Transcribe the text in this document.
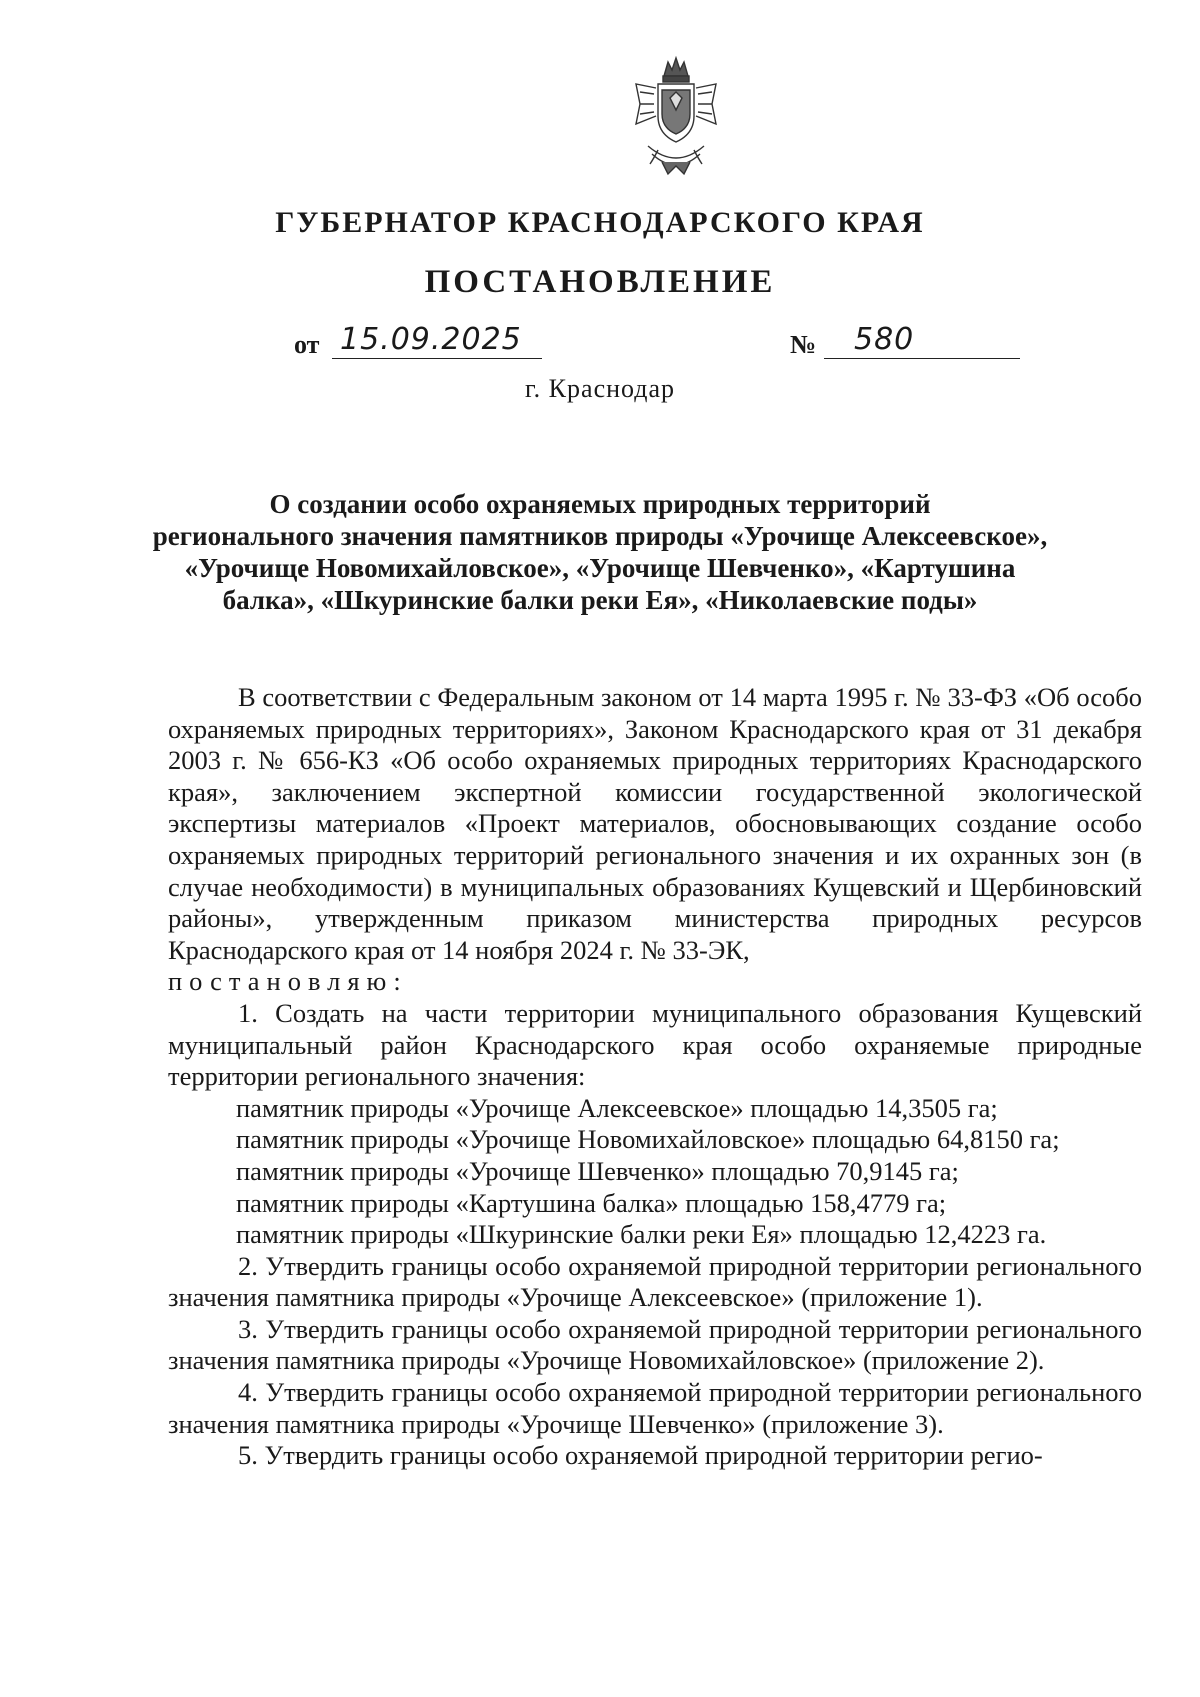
ГУБЕРНАТОР КРАСНОДАРСКОГО КРАЯ
ПОСТАНОВЛЕНИЕ
от 15.09.2025	№ 580
г. Краснодар
О создании особо охраняемых природных территорий
регионального значения памятников природы «Урочище Алексеевское»,
«Урочище Новомихайловское», «Урочище Шевченко», «Картушина
балка», «Шкуринские балки реки Ея», «Николаевские поды»

В соответствии с Федеральным законом от 14 марта 1995 г. № 33-ФЗ «Об особо охраняемых природных территориях», Законом Краснодарского края от 31 декабря 2003 г. № 656-КЗ «Об особо охраняемых природных территориях Краснодарского края», заключением экспертной комиссии государственной экологической экспертизы материалов «Проект материалов, обосновывающих создание особо охраняемых природных территорий регионального значения и их охранных зон (в случае необходимости) в муниципальных образованиях Кущевский и Щербиновский районы», утвержденным приказом министерства природных ресурсов Краснодарского края от 14 ноября 2024 г. № 33-ЭК,
постановляю:

1. Создать на части территории муниципального образования Кущевский муниципальный район Краснодарского края особо охраняемые природные территории регионального значения:

памятник природы «Урочище Алексеевское» площадью 14,3505 га;

памятник природы «Урочище Новомихайловское» площадью 64,8150 га;

памятник природы «Урочище Шевченко» площадью 70,9145 га;

памятник природы «Картушина балка» площадью 158,4779 га;

памятник природы «Шкуринские балки реки Ея» площадью 12,4223 га.

2. Утвердить границы особо охраняемой природной территории регионального значения памятника природы «Урочище Алексеевское» (приложение 1).

3. Утвердить границы особо охраняемой природной территории регионального значения памятника природы «Урочище Новомихайловское» (приложение 2).

4. Утвердить границы особо охраняемой природной территории регионального значения памятника природы «Урочище Шевченко» (приложение 3).

5. Утвердить границы особо охраняемой природной территории регио-
